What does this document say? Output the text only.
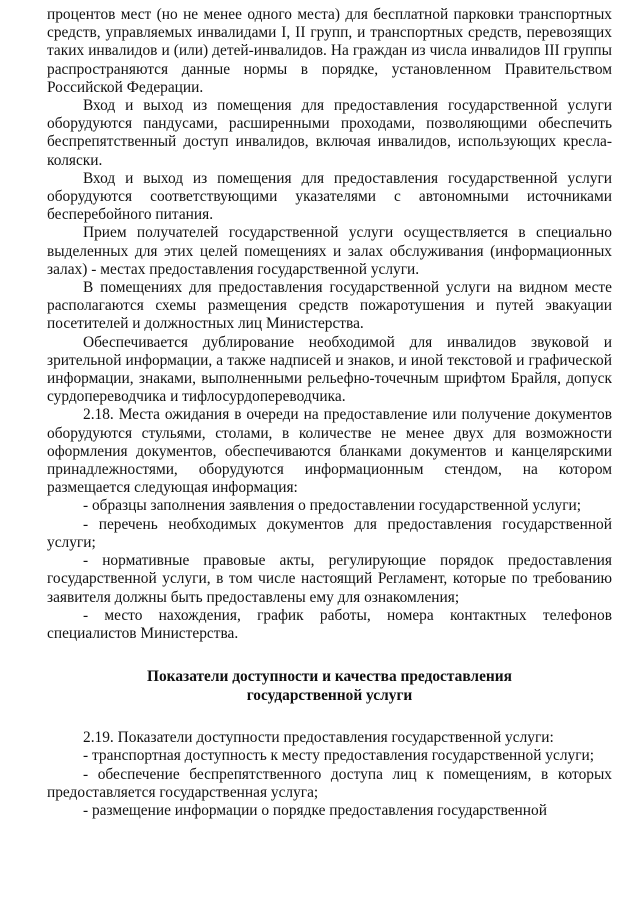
процентов мест (но не менее одного места) для бесплатной парковки транспортных средств, управляемых инвалидами I, II групп, и транспортных средств, перевозящих таких инвалидов и (или) детей-инвалидов. На граждан из числа инвалидов III группы распространяются данные нормы в порядке, установленном Правительством Российской Федерации.

Вход и выход из помещения для предоставления государственной услуги оборудуются пандусами, расширенными проходами, позволяющими обеспечить беспрепятственный доступ инвалидов, включая инвалидов, использующих кресла-коляски.

Вход и выход из помещения для предоставления государственной услуги оборудуются соответствующими указателями с автономными источниками бесперебойного питания.

Прием получателей государственной услуги осуществляется в специально выделенных для этих целей помещениях и залах обслуживания (информационных залах) - местах предоставления государственной услуги.

В помещениях для предоставления государственной услуги на видном месте располагаются схемы размещения средств пожаротушения и путей эвакуации посетителей и должностных лиц Министерства.

Обеспечивается дублирование необходимой для инвалидов звуковой и зрительной информации, а также надписей и знаков, и иной текстовой и графической информации, знаками, выполненными рельефно-точечным шрифтом Брайля, допуск сурдопереводчика и тифлосурдопереводчика.

2.18. Места ожидания в очереди на предоставление или получение документов оборудуются стульями, столами, в количестве не менее двух для возможности оформления документов, обеспечиваются бланками документов и канцелярскими принадлежностями, оборудуются информационным стендом, на котором размещается следующая информация:

- образцы заполнения заявления о предоставлении государственной услуги;

- перечень необходимых документов для предоставления государственной услуги;

- нормативные правовые акты, регулирующие порядок предоставления государственной услуги, в том числе настоящий Регламент, которые по требованию заявителя должны быть предоставлены ему для ознакомления;

- место нахождения, график работы, номера контактных телефонов специалистов Министерства.

Показатели доступности и качества предоставления
государственной услуги

2.19. Показатели доступности предоставления государственной услуги:

- транспортная доступность к месту предоставления государственной услуги;

- обеспечение беспрепятственного доступа лиц к помещениям, в которых предоставляется государственная услуга;

- размещение информации о порядке предоставления государственной
